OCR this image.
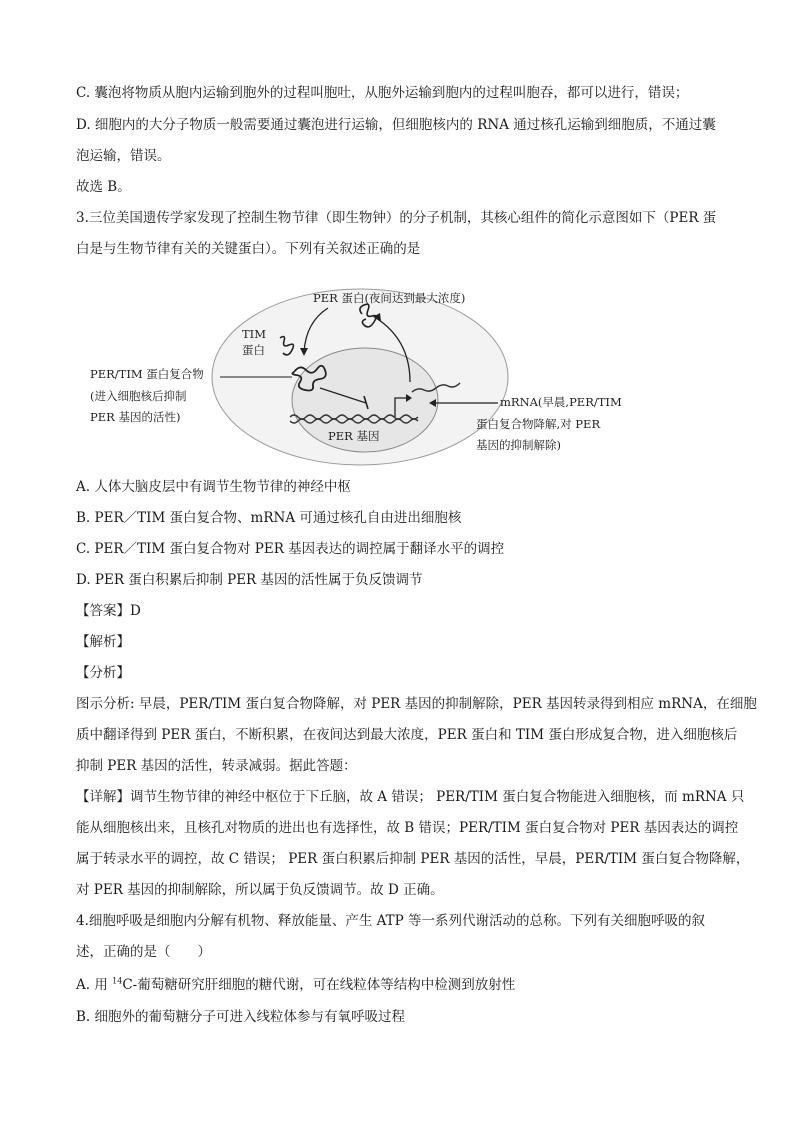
C. 囊泡将物质从胞内运输到胞外的过程叫胞吐，从胞外运输到胞内的过程叫胞吞，都可以进行，错误；
D. 细胞内的大分子物质一般需要通过囊泡进行运输，但细胞核内的 RNA 通过核孔运输到细胞质，不通过囊
泡运输，错误。
故选 B。
3.三位美国遗传学家发现了控制生物节律（即生物钟）的分子机制，其核心组件的简化示意图如下（PER 蛋
白是与生物节律有关的关键蛋白）。下列有关叙述正确的是
PER 蛋白(夜间达到最大浓度)
TIM
蛋白
PER/TIM 蛋白复合物
(进入细胞核后抑制
PER 基因的活性)
PER 基因
mRNA(早晨,PER/TIM
蛋白复合物降解,对 PER
基因的抑制解除)
A. 人体大脑皮层中有调节生物节律的神经中枢
B. PER／TIM 蛋白复合物、mRNA 可通过核孔自由进出细胞核
C. PER／TIM 蛋白复合物对 PER 基因表达的调控属于翻译水平的调控
D. PER 蛋白积累后抑制 PER 基因的活性属于负反馈调节
【答案】D
【解析】
【分析】
图示分析: 早晨，PER/TIM 蛋白复合物降解，对 PER 基因的抑制解除，PER 基因转录得到相应 mRNA，在细胞
质中翻译得到 PER 蛋白，不断积累，在夜间达到最大浓度，PER 蛋白和 TIM 蛋白形成复合物，进入细胞核后
抑制 PER 基因的活性，转录减弱。据此答题：
【详解】调节生物节律的神经中枢位于下丘脑，故 A 错误； PER/TIM 蛋白复合物能进入细胞核，而 mRNA 只
能从细胞核出来，且核孔对物质的进出也有选择性，故 B 错误；PER/TIM 蛋白复合物对 PER 基因表达的调控
属于转录水平的调控，故 C 错误； PER 蛋白积累后抑制 PER 基因的活性，早晨，PER/TIM 蛋白复合物降解，
对 PER 基因的抑制解除，所以属于负反馈调节。故 D 正确。
4.细胞呼吸是细胞内分解有机物、释放能量、产生 ATP 等一系列代谢活动的总称。下列有关细胞呼吸的叙
述，正确的是（　　）
A. 用 $^{14}$C-葡萄糖研究肝细胞的糖代谢，可在线粒体等结构中检测到放射性
B. 细胞外的葡萄糖分子可进入线粒体参与有氧呼吸过程
